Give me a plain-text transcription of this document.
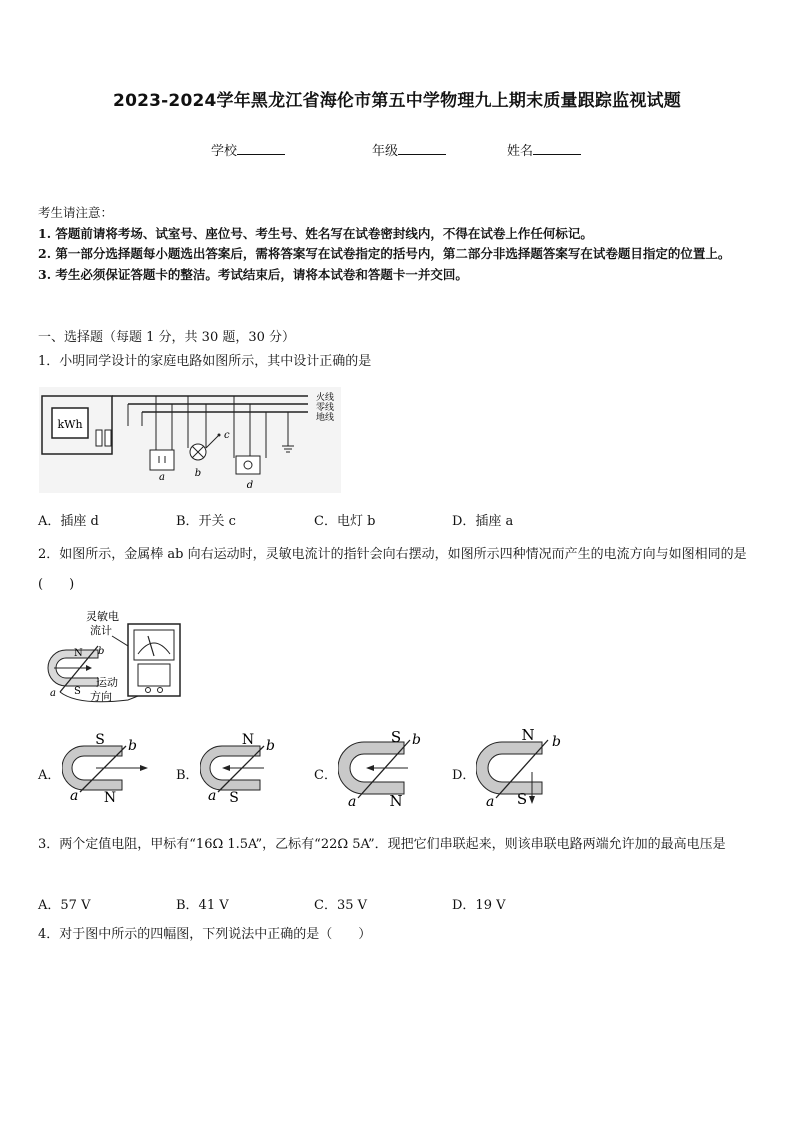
2023-2024学年黑龙江省海伦市第五中学物理九上期末质量跟踪监视试题
学校	年级	姓名
考生请注意：
1. 答题前请将考场、试室号、座位号、考生号、姓名写在试卷密封线内，不得在试卷上作任何标记。
2. 第一部分选择题每小题选出答案后，需将答案写在试卷指定的括号内，第二部分非选择题答案写在试卷题目指定的位置上。
3. 考生必须保证答题卡的整洁。考试结束后，请将本试卷和答题卡一并交回。
一、选择题（每题 1 分，共 30 题，30 分）
1．小明同学设计的家庭电路如图所示，其中设计正确的是
kWh
火线
零线
地线
a	b
c
d
A．插座 d	B．开关 c	C．电灯 b	D．插座 a
2．如图所示，金属棒 ab 向右运动时，灵敏电流计的指针会向右摆动，如图所示四种情况而产生的电流方向与如图相同的是(　　)
灵敏电
流计
N
S
a
b
运动
方向
A．
S
N
a
b
B．
N
S
a
b
C．
S
N
a
b
D．
N
S
a
b
3．两个定值电阻，甲标有“16Ω 1.5A”，乙标有“22Ω 5A”．现把它们串联起来，则该串联电路两端允许加的最高电压是
A．57 V	B．41 V	C．35 V	D．19 V
4．对于图中所示的四幅图，下列说法中正确的是（　　）
